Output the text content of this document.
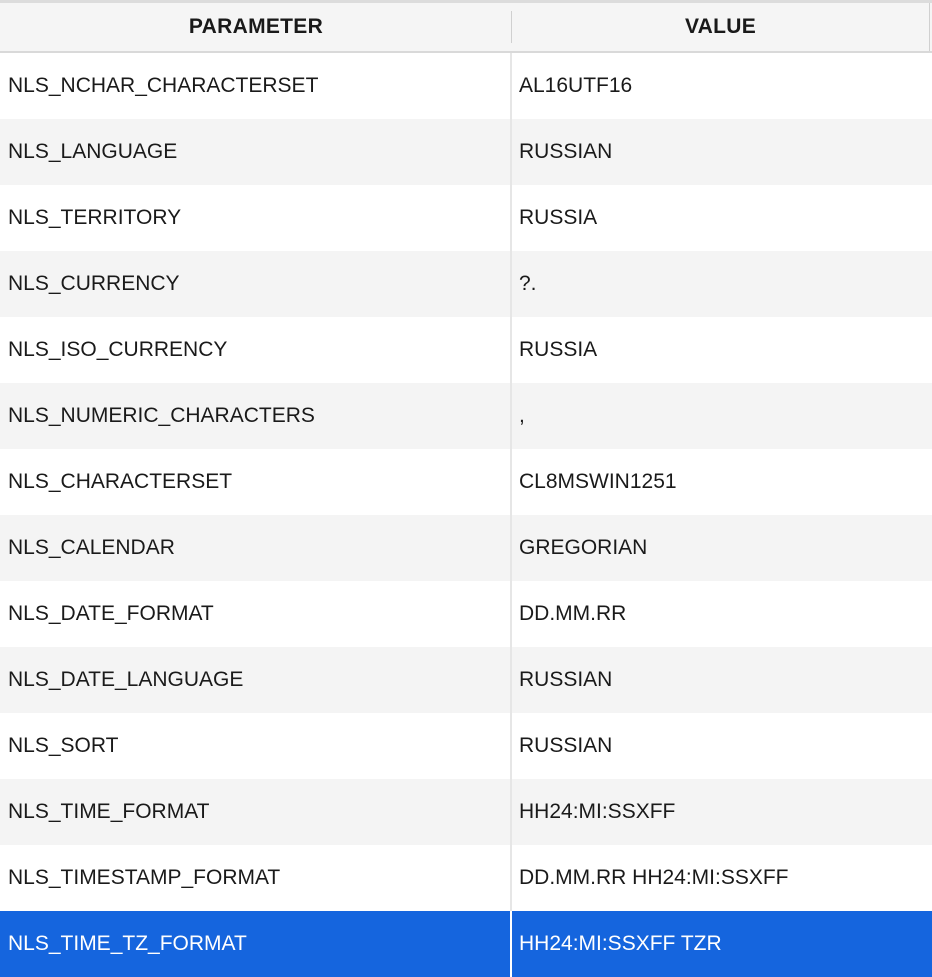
PARAMETER	VALUE
NLS_NCHAR_CHARACTERSET	AL16UTF16
NLS_LANGUAGE	RUSSIAN
NLS_TERRITORY	RUSSIA
NLS_CURRENCY	?.
NLS_ISO_CURRENCY	RUSSIA
NLS_NUMERIC_CHARACTERS	,
NLS_CHARACTERSET	CL8MSWIN1251
NLS_CALENDAR	GREGORIAN
NLS_DATE_FORMAT	DD.MM.RR
NLS_DATE_LANGUAGE	RUSSIAN
NLS_SORT	RUSSIAN
NLS_TIME_FORMAT	HH24:MI:SSXFF
NLS_TIMESTAMP_FORMAT	DD.MM.RR HH24:MI:SSXFF
NLS_TIME_TZ_FORMAT	HH24:MI:SSXFF TZR
